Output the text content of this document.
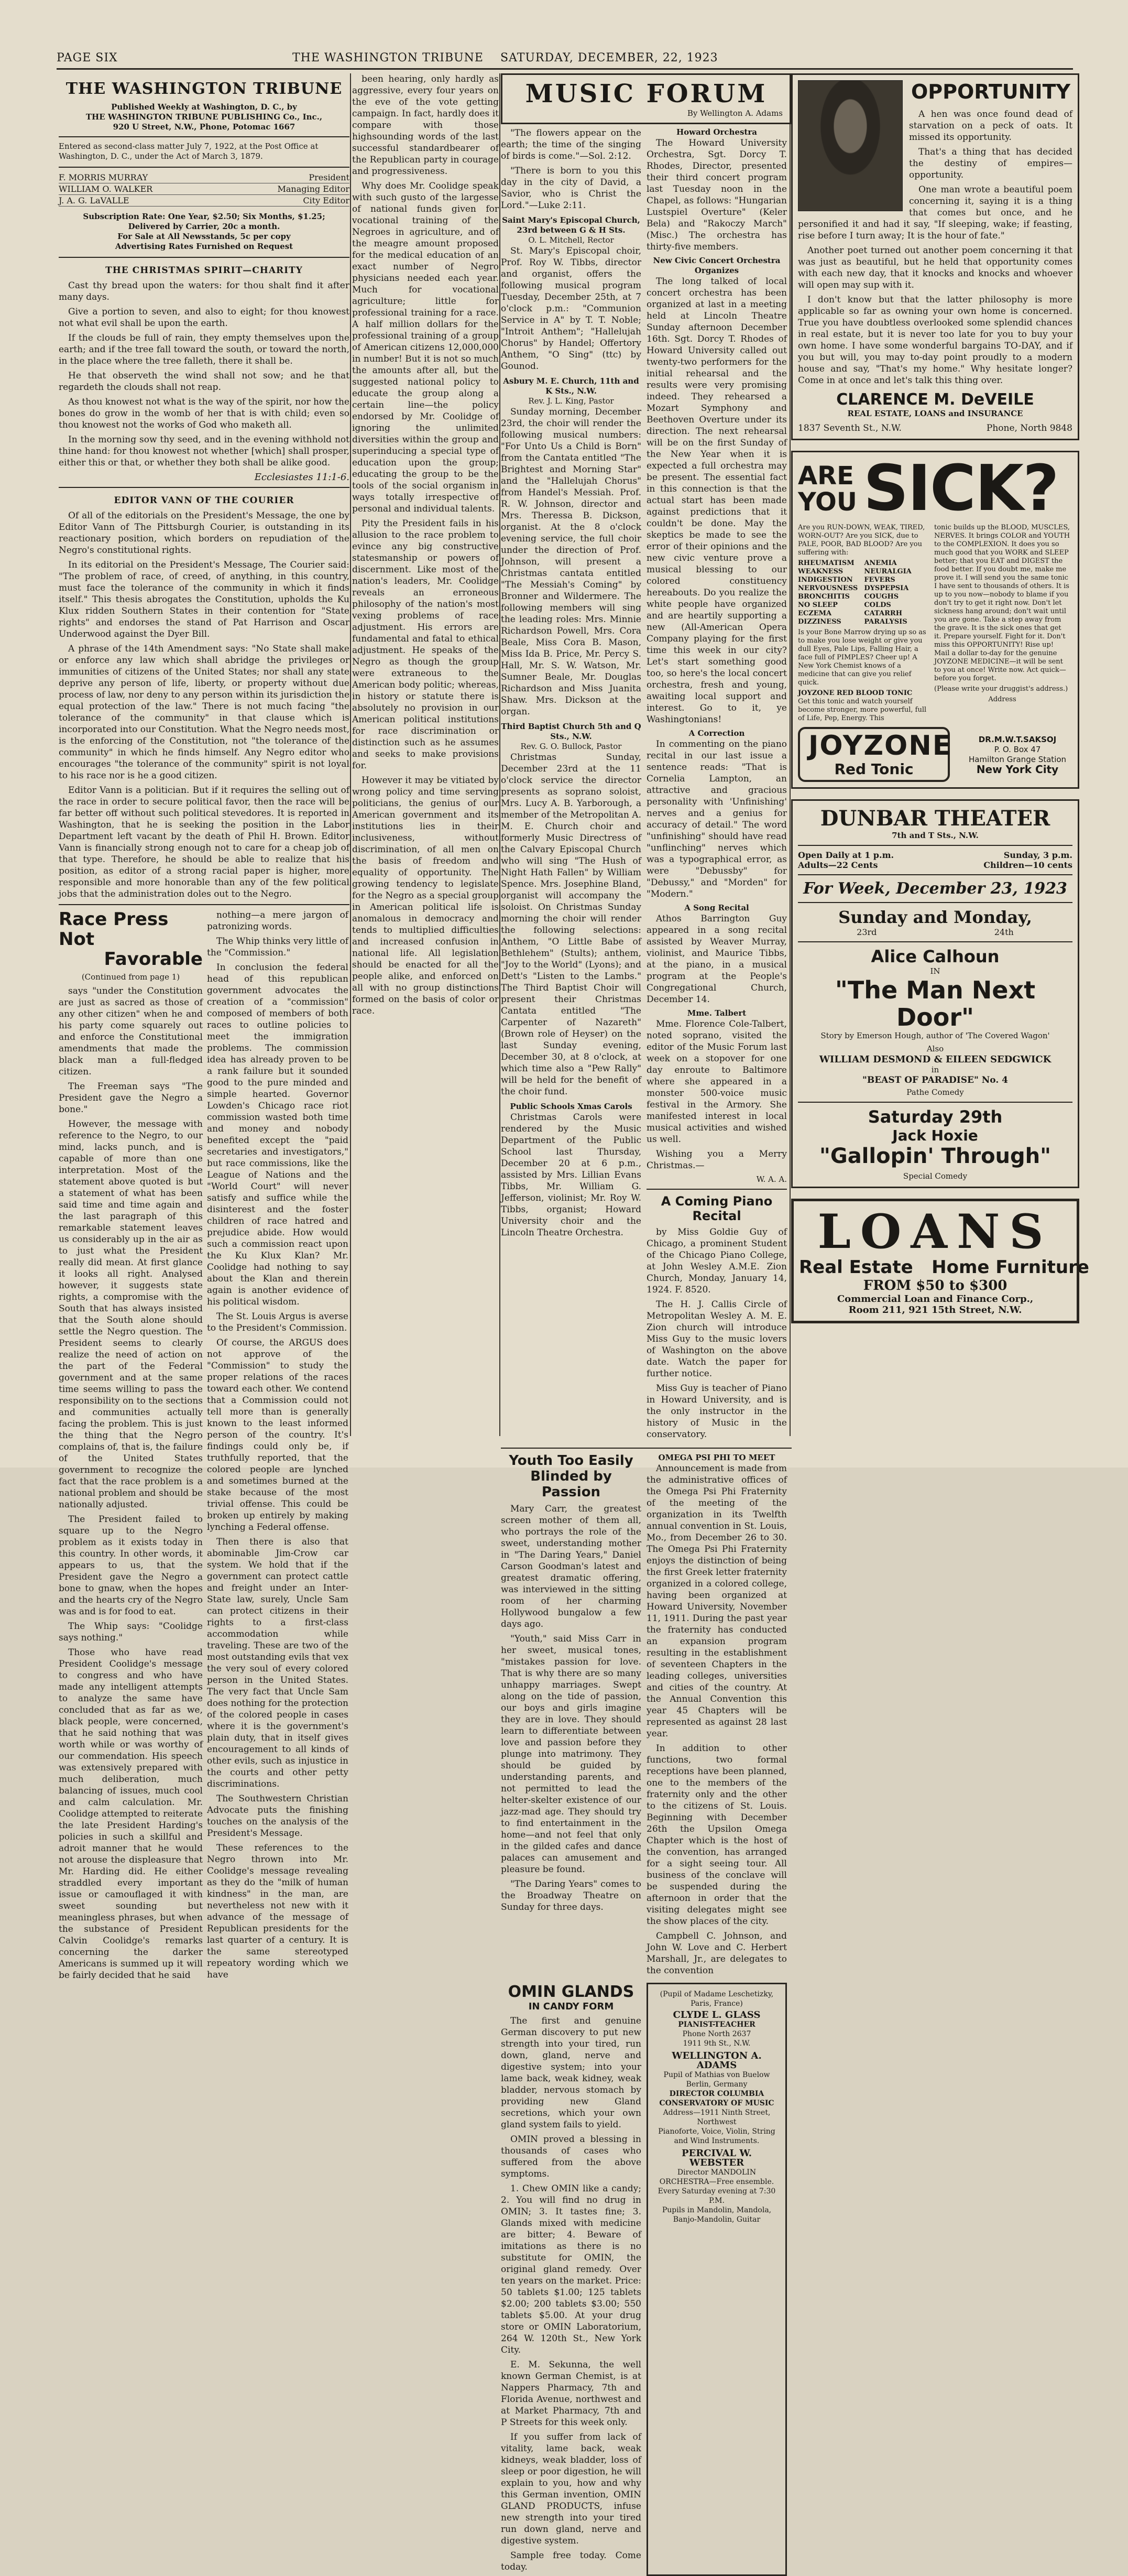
PAGE SIX	THE WASHINGTON TRIBUNE    SATURDAY, DECEMBER, 22, 1923
THE WASHINGTON TRIBUNE
Published Weekly at Washington, D. C., by
THE WASHINGTON TRIBUNE PUBLISHING Co., Inc.,
920 U Street, N.W., Phone, Potomac 1667

Entered as second-class matter July 7, 1922, at the Post Office at Washington, D. C., under the Act of March 3, 1879.

F. MORRIS MURRAY	President
WILLIAM O. WALKER	Managing Editor
J. A. G. LaVALLE	City Editor
Subscription Rate: One Year, $2.50; Six Months, $1.25;
Delivered by Carrier, 20c a month.
For Sale at All Newsstands, 5c per copy
Advertising Rates Furnished on Request
THE CHRISTMAS SPIRIT—CHARITY

Cast thy bread upon the waters: for thou shalt find it after many days.

Give a portion to seven, and also to eight; for thou knowest not what evil shall be upon the earth.

If the clouds be full of rain, they empty themselves upon the earth; and if the tree fall toward the south, or toward the north, in the place where the tree falleth, there it shall be.

He that observeth the wind shall not sow; and he that regardeth the clouds shall not reap.

As thou knowest not what is the way of the spirit, nor how the bones do grow in the womb of her that is with child; even so thou knowest not the works of God who maketh all.

In the morning sow thy seed, and in the evening withhold not thine hand: for thou knowest not whether [which] shall prosper, either this or that, or whether they both shall be alike good.

Ecclesiastes 11:1-6.
EDITOR VANN OF THE COURIER

Of all of the editorials on the President's Message, the one by Editor Vann of The Pittsburgh Courier, is outstanding in its reactionary position, which borders on repudiation of the Negro's constitutional rights.

In its editorial on the President's Message, The Courier said: "The problem of race, of creed, of anything, in this country, must face the tolerance of the community in which it finds itself." This thesis abrogates the Constitution, upholds the Ku Klux ridden Southern States in their contention for "State rights" and endorses the stand of Pat Harrison and Oscar Underwood against the Dyer Bill.

A phrase of the 14th Amendment says: "No State shall make or enforce any law which shall abridge the privileges or immunities of citizens of the United States; nor shall any state deprive any person of life, liberty, or property without due process of law, nor deny to any person within its jurisdiction the equal protection of the law." There is not much facing "the tolerance of the community" in that clause which is incorporated into our Constitution. What the Negro needs most, is the enforcing of the Constitution, not "the tolerance of the community" in which he finds himself. Any Negro editor who encourages "the tolerance of the community" spirit is not loyal to his race nor is he a good citizen.

Editor Vann is a politician. But if it requires the selling out of the race in order to secure political favor, then the race will be far better off without such political stevedores. It is reported in Washington, that he is seeking the position in the Labor Department left vacant by the death of Phil H. Brown. Editor Vann is financially strong enough not to care for a cheap job of that type. Therefore, he should be able to realize that his position, as editor of a strong racial paper is higher, more responsible and more honorable than any of the few political jobs that the administration doles out to the Negro.

Race Press Not
Favorable
(Continued from page 1)

says "under the Constitution are just as sacred as those of any other citizen" when he and his party come squarely out and enforce the Constitutional amendments that made the black man a full-fledged citizen.

The Freeman says "The President gave the Negro a bone."

However, the message with reference to the Negro, to our mind, lacks punch, and is capable of more than one interpretation. Most of the statement above quoted is but a statement of what has been said time and time again and the last paragraph of this remarkable statement leaves us considerably up in the air as to just what the President really did mean. At first glance it looks all right. Analysed however, it suggests state rights, a compromise with the South that has always insisted that the South alone should settle the Negro question. The President seems to clearly realize the need of action on the part of the Federal government and at the same time seems willing to pass the responsibility on to the sections and communities actually facing the problem. This is just the thing that the Negro complains of, that is, the failure of the United States government to recognize the fact that the race problem is a national problem and should be nationally adjusted.

The President failed to square up to the Negro problem as it exists today in this country. In other words, it appears to us, that the President gave the Negro a bone to gnaw, when the hopes and the hearts cry of the Negro was and is for food to eat.

The Whip says: "Coolidge says nothing."

Those who have read President Coolidge's message to congress and who have made any intelligent attempts to analyze the same have concluded that as far as we, black people, were concerned, that he said nothing that was worth while or was worthy of our commendation. His speech was extensively prepared with much deliberation, much balancing of issues, much cool and calm calculation. Mr. Coolidge attempted to reiterate the late President Harding's policies in such a skillful and adroit manner that he would not arouse the displeasure that Mr. Harding did. He either straddled every important issue or camouflaged it with sweet sounding but meaningless phrases, but when the substance of President Calvin Coolidge's remarks concerning the darker Americans is summed up it will be fairly decided that he said

nothing—a mere jargon of patronizing words.

The Whip thinks very little of the "Commission."

In conclusion the federal head of this republican government advocates the creation of a "commission" composed of members of both races to outline policies to meet the immigration problems. The commission idea has already proven to be a rank failure but it sounded good to the pure minded and simple hearted. Governor Lowden's Chicago race riot commission wasted both time and money and nobody benefited except the "paid secretaries and investigators," but race commissions, like the League of Nations and the "World Court" will never satisfy and suffice while the disinterest and the foster children of race hatred and prejudice abide. How would such a commission react upon the Ku Klux Klan? Mr. Coolidge had nothing to say about the Klan and therein again is another evidence of his political wisdom.

The St. Louis Argus is averse to the President's Commission.

Of course, the ARGUS does not approve of the "Commission" to study the proper relations of the races toward each other. We contend that a Commission could not tell more than is generally known to the least informed person of the country. It's findings could only be, if truthfully reported, that the colored people are lynched and sometimes burned at the stake because of the most trivial offense. This could be broken up entirely by making lynching a Federal offense.

Then there is also that abominable Jim-Crow car system. We hold that if the government can protect cattle and freight under an Inter-State law, surely, Uncle Sam can protect citizens in their rights to a first-class accommodation while traveling. These are two of the most outstanding evils that vex the very soul of every colored person in the United States. The very fact that Uncle Sam does nothing for the protection of the colored people in cases where it is the government's plain duty, that in itself gives encouragement to all kinds of other evils, such as injustice in the courts and other petty discriminations.

The Southwestern Christian Advocate puts the finishing touches on the analysis of the President's Message.

These references to the Negro thrown into Mr. Coolidge's message revealing as they do the "milk of human kindness" in the man, are nevertheless not new with it advance of the message of Republican presidents for the last quarter of a century. It is the same stereotyped repeatory wording which we have

been hearing, only hardly as aggressive, every four years on the eve of the vote getting campaign. In fact, hardly does it compare with those highsounding words of the last successful standardbearer of the Republican party in courage and progressiveness.

Why does Mr. Coolidge speak with such gusto of the largesse of national funds given for vocational training of the Negroes in agriculture, and of the meagre amount proposed for the medical education of an exact number of Negro physicians needed each year. Much for vocational agriculture; little for professional training for a race. A half million dollars for the professional training of a group of American citizens 12,000,000 in number! But it is not so much the amounts after all, but the suggested national policy to educate the group along a certain line—the policy endorsed by Mr. Coolidge of ignoring the unlimited diversities within the group and superinducing a special type of education upon the group; educating the group to be the tools of the social organism in ways totally irrespective of personal and individual talents.

Pity the President fails in his allusion to the race problem to evince any big constructive statesmanship or powers of discernment. Like most of the nation's leaders, Mr. Coolidge reveals an erroneous philosophy of the nation's most vexing problems of race adjustment. His errors are fundamental and fatal to ethical adjustment. He speaks of the Negro as though the group were extraneous to the American body politic; whereas, in history or statute there is absolutely no provision in our American political institutions for race discrimination or distinction such as he assumes and seeks to make provisions for.

However it may be vitiated by wrong policy and time serving politicians, the genius of our American government and its institutions lies in their inclusiveness, without discrimination, of all men on the basis of freedom and equality of opportunity. The growing tendency to legislate for the Negro as a special group in American political life is anomalous in democracy and tends to multiplied difficulties and increased confusion in national life. All legislation should be enacted for all the people alike, and enforced on all with no group distinctions formed on the basis of color or race.

MUSIC FORUM
By Wellington A. Adams

"The flowers appear on the earth; the time of the singing of birds is come."—Sol. 2:12.

"There is born to you this day in the city of David, a Savior, who is Christ the Lord."—Luke 2:11.

Saint Mary's Episcopal Church, 23rd between G & H Sts.
O. L. Mitchell, Rector

St. Mary's Episcopal choir, Prof. Roy W. Tibbs, director and organist, offers the following musical program Tuesday, December 25th, at 7 o'clock p.m.: "Communion Service in A" by T. T. Noble; "Introit Anthem"; "Hallelujah Chorus" by Handel; Offertory Anthem, "O Sing" (ttc) by Gounod.

Asbury M. E. Church, 11th and K Sts., N.W.
Rev. J. L. King, Pastor

Sunday morning, December 23rd, the choir will render the following musical numbers: "For Unto Us a Child is Born" from the Cantata entitled "The Brightest and Morning Star" and the "Hallelujah Chorus" from Handel's Messiah. Prof. R. W. Johnson, director and Mrs. Theressa B. Dickson, organist. At the 8 o'clock evening service, the full choir under the direction of Prof. Johnson, will present a Christmas cantata entitled "The Messiah's Coming" by Bronner and Wildermere. The following members will sing the leading roles: Mrs. Minnie Richardson Powell, Mrs. Cora Beale, Miss Cora B. Mason, Miss Ida B. Price, Mr. Percy S. Hall, Mr. S. W. Watson, Mr. Sumner Beale, Mr. Douglas Richardson and Miss Juanita Shaw. Mrs. Dickson at the organ.

Third Baptist Church 5th and Q Sts., N.W.
Rev. G. O. Bullock, Pastor

Christmas Sunday, December 23rd at the 11 o'clock service the director presents as soprano soloist, Mrs. Lucy A. B. Yarborough, a member of the Metropolitan A. M. E. Church choir and formerly Music Directress of the Calvary Episcopal Church who will sing "The Hush of Night Hath Fallen" by William Spence. Mrs. Josephine Bland, organist will accompany the soloist. On Christmas Sunday morning the choir will render the following selections: Anthem, "O Little Babe of Bethlehem" (Stults); anthem, "Joy to the World" (Lyons); and Dett's "Listen to the Lambs." The Third Baptist Choir will present their Christmas Cantata entitled "The Carpenter of Nazareth" (Brown role of Heyser) on the last Sunday evening, December 30, at 8 o'clock, at which time also a "Pew Rally" will be held for the benefit of the choir fund.

Public Schools Xmas Carols

Christmas Carols were rendered by the Music Department of the Public School last Thursday, December 20 at 6 p.m., assisted by Mrs. Lillian Evans Tibbs, Mr. William G. Jefferson, violinist; Mr. Roy W. Tibbs, organist; Howard University choir and the Lincoln Theatre Orchestra.

Howard Orchestra

The Howard University Orchestra, Sgt. Dorcy T. Rhodes, Director, presented their third concert program last Tuesday noon in the Chapel, as follows: "Hungarian Lustspiel Overture" (Keler Bela) and "Rakoczy March" (Misc.) The orchestra has thirty-five members.

New Civic Concert Orchestra Organizes

The long talked of local concert orchestra has been organized at last in a meeting held at Lincoln Theatre Sunday afternoon December 16th. Sgt. Dorcy T. Rhodes of Howard University called out twenty-two performers for the initial rehearsal and the results were very promising indeed. They rehearsed a Mozart Symphony and Beethoven Overture under its direction. The next rehearsal will be on the first Sunday of the New Year when it is expected a full orchestra may be present. The essential fact in this connection is that the actual start has been made against predictions that it couldn't be done. May the skeptics be made to see the error of their opinions and the new civic venture prove a musical blessing to our colored constituency hereabouts. Do you realize the white people have organized and are heartily supporting a new (All-American Opera Company playing for the first time this week in our city? Let's start something good too, so here's the local concert orchestra, fresh and young, awaiting local support and interest. Go to it, ye Washingtonians!

A Correction

In commenting on the piano recital in our last issue a sentence reads: "That is Cornelia Lampton, an attractive and gracious personality with 'Unfinishing' nerves and a genius for accuracy of detail." The word "unfinishing" should have read "unflinching" nerves which was a typographical error, as were "Debussby" for "Debussy," and "Morden" for "Modern."

A Song Recital

Athos Barrington Guy appeared in a song recital assisted by Weaver Murray, violinist, and Maurice Tibbs, at the piano, in a musical program at the People's Congregational Church, December 14.

Mme. Talbert

Mme. Florence Cole-Talbert, noted soprano, visited the editor of the Music Forum last week on a stopover for one day enroute to Baltimore where she appeared in a monster 500-voice music festival in the Armory. She manifested interest in local musical activities and wished us well.

Wishing you a Merry Christmas.—

W. A. A.
A Coming Piano Recital

by Miss Goldie Guy of Chicago, a prominent Student of the Chicago Piano College, at John Wesley A.M.E. Zion Church, Monday, January 14, 1924. F. 8520.

The H. J. Callis Circle of Metropolitan Wesley A. M. E. Zion church will introduce Miss Guy to the music lovers of Washington on the above date. Watch the paper for further notice.

Miss Guy is teacher of Piano in Howard University, and is the only instructor in the history of Music in the conservatory.

Youth Too Easily Blinded by Passion

Mary Carr, the greatest screen mother of them all, who portrays the role of the sweet, understanding mother in "The Daring Years," Daniel Carson Goodman's latest and greatest dramatic offering, was interviewed in the sitting room of her charming Hollywood bungalow a few days ago.

"Youth," said Miss Carr in her sweet, musical tones, "mistakes passion for love. That is why there are so many unhappy marriages. Swept along on the tide of passion, our boys and girls imagine they are in love. They should learn to differentiate between love and passion before they plunge into matrimony. They should be guided by understanding parents, and not permitted to lead the helter-skelter existence of our jazz-mad age. They should try to find entertainment in the home—and not feel that only in the gilded cafes and dance palaces can amusement and pleasure be found.

"The Daring Years" comes to the Broadway Theatre on Sunday for three days.

OMEGA PSI PHI TO MEET

Announcement is made from the administrative offices of the Omega Psi Phi Fraternity of the meeting of the organization in its Twelfth annual convention in St. Louis, Mo., from December 26 to 30. The Omega Psi Phi Fraternity enjoys the distinction of being the first Greek letter fraternity organized in a colored college, having been organized at Howard University, November 11, 1911. During the past year the fraternity has conducted an expansion program resulting in the establishment of seventeen Chapters in the leading colleges, universities and cities of the country. At the Annual Convention this year 45 Chapters will be represented as against 28 last year.

In addition to other functions, two formal receptions have been planned, one to the members of the fraternity only and the other to the citizens of St. Louis. Beginning with December 26th the Upsilon Omega Chapter which is the host of the convention, has arranged for a sight seeing tour. All business of the conclave will be suspended during the afternoon in order that the visiting delegates might see the show places of the city.

Campbell C. Johnson, and John W. Love and C. Herbert Marshall, Jr., are delegates to the convention

OMIN GLANDS
IN CANDY FORM

The first and genuine German discovery to put new strength into your tired, run down, gland, nerve and digestive system; into your lame back, weak kidney, weak bladder, nervous stomach by providing new Gland secretions, which your own gland system fails to yield.

OMIN proved a blessing in thousands of cases who suffered from the above symptoms.

1. Chew OMIN like a candy; 2. You will find no drug in OMIN; 3. It tastes fine; 3. Glands mixed with medicine are bitter; 4. Beware of imitations as there is no substitute for OMIN, the original gland remedy. Over ten years on the market. Price: 50 tablets $1.00; 125 tablets $2.00; 200 tablets $3.00; 550 tablets $5.00. At your drug store or OMIN Laboratorium, 264 W. 120th St., New York City.

E. M. Sekunna, the well known German Chemist, is at Nappers Pharmacy, 7th and Florida Avenue, northwest and at Market Pharmacy, 7th and P Streets for this week only.

If you suffer from lack of vitality, lame back, weak kidneys, weak bladder, loss of sleep or poor digestion, he will explain to you, how and why this German invention, OMIN GLAND PRODUCTS, infuse new strength into your tired run down gland, nerve and digestive system.

Sample free today. Come today.

(Pupil of Madame Leschetizky, Paris, France)
CLYDE L. GLASS
PIANIST-TEACHER
Phone North 2637
1911 9th St., N.W.
WELLINGTON A. ADAMS
Pupil of Mathias von Buelow Berlin, Germany
DIRECTOR COLUMBIA CONSERVATORY OF MUSIC
Address—1911 Ninth Street, Northwest
Pianoforte, Voice, Violin, String and Wind Instruments.
PERCIVAL W. WEBSTER
Director MANDOLIN ORCHESTRA—Free ensemble.
Every Saturday evening at 7:30 P.M.
Pupils in Mandolin, Mandola, Banjo-Mandolin, Guitar
OPPORTUNITY

A hen was once found dead of starvation on a peck of oats. It missed its opportunity.

That's a thing that has decided the destiny of empires—opportunity.

One man wrote a beautiful poem concerning it, saying it is a thing that comes but once, and he personified it and had it say, "If sleeping, wake; if feasting, rise before I turn away; It is the hour of fate."

Another poet turned out another poem concerning it that was just as beautiful, but he held that opportunity comes with each new day, that it knocks and knocks and whoever will open may sup with it.

I don't know but that the latter philosophy is more applicable so far as owning your own home is concerned. True you have doubtless overlooked some splendid chances in real estate, but it is never too late for you to buy your own home. I have some wonderful bargains TO-DAY, and if you but will, you may to-day point proudly to a modern house and say, "That's my home." Why hesitate longer? Come in at once and let's talk this thing over.

CLARENCE M. DeVEILE
REAL ESTATE, LOANS and INSURANCE
1837 Seventh St., N.W.	Phone, North 9848
ARE
YOU SICK?
Are you RUN-DOWN, WEAK, TIRED, WORN-OUT? Are you SICK, due to PALE, POOR, BAD BLOOD? Are you suffering with:
RHEUMATISM
WEAKNESS
INDIGESTION
NERVOUSNESS
BRONCHITIS
NO SLEEP
ECZEMA
DIZZINESS
ANEMIA
NEURALGIA
FEVERS
DYSPEPSIA
COUGHS
COLDS
CATARRH
PARALYSIS
Is your Bone Marrow drying up so as to make you lose weight or give you dull Eyes, Pale Lips, Falling Hair, a face full of PIMPLES? Cheer up! A New York Chemist knows of a medicine that can give you relief quick.
JOYZONE RED BLOOD TONIC
Get this tonic and watch yourself become stronger, more powerful, full of Life, Pep, Energy. This
tonic builds up the BLOOD, MUSCLES, NERVES. It brings COLOR and YOUTH to the COMPLEXION. It does you so much good that you WORK and SLEEP better; that you EAT and DIGEST the food better. If you doubt me, make me prove it. I will send you the same tonic I have sent to thousands of others. It is up to you now—nobody to blame if you don't try to get it right now. Don't let sickness hang around; don't wait until you are gone. Take a step away from the grave. It is the sick ones that get it. Prepare yourself. Fight for it. Don't miss this OPPORTUNITY! Rise up! Mail a dollar to-day for the genuine JOYZONE MEDICINE—it will be sent to you at once! Write now. Act quick—before you forget.
(Please write your druggist's address.)
Address
JOYZONE
Red Tonic
DR.M.W.T.SAKSOJ
P. O. Box 47
Hamilton Grange Station
New York City
DUNBAR THEATER
7th and T Sts., N.W.
Open Daily at 1 p.m.
Adults—22 Cents
Sunday, 3 p.m.
Children—10 cents
For Week, December 23, 1923
Sunday and Monday,
23rd	24th
Alice Calhoun
IN
"The Man Next Door"
Story by Emerson Hough, author of 'The Covered Wagon'
Also
WILLIAM DESMOND & EILEEN SEDGWICK
in
"BEAST OF PARADISE" No. 4
Pathe Comedy
Saturday 29th
Jack Hoxie
"Gallopin' Through"
Special Comedy
LOANS
Real Estate   Home Furniture
FROM $50 to $300
Commercial Loan and Finance Corp.,
Room 211, 921 15th Street, N.W.
